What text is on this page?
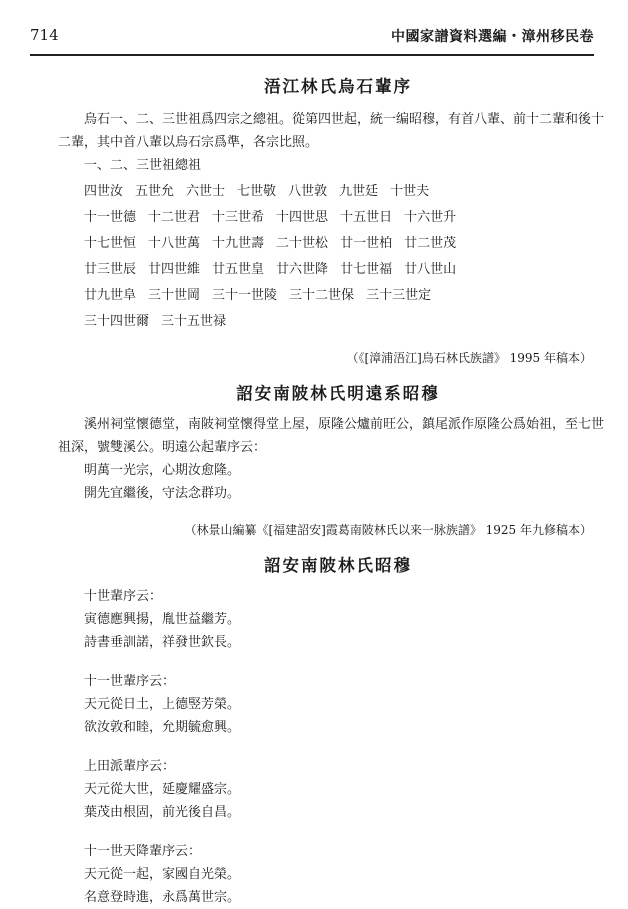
714	中國家譜資料選編・漳州移民卷
浯江林氏烏石輩序

烏石一、二、三世祖爲四宗之總祖。從第四世起，統一编昭穆，有首八輩、前十二輩和後十

二輩，其中首八輩以烏石宗爲準，各宗比照。

一、二、三世祖總祖

四世汝 五世允 六世士 七世敬 八世敦 九世廷 十世夫
十一世德 十二世君 十三世希 十四世思 十五世日 十六世升
十七世恒 十八世萬 十九世壽 二十世松 廿一世柏 廿二世茂
廿三世辰 廿四世維 廿五世皇 廿六世降 廿七世福 廿八世山
廿九世阜 三十世岡 三十一世陵 三十二世保 三十三世定
三十四世爾 三十五世禄

（《[漳浦浯江]烏石林氏族譜》 1995 年稿本）

詔安南陂林氏明遠系昭穆

溪州祠堂懷德堂，南陂祠堂懷得堂上屋，原隆公爐前旺公，鎮尾派作原隆公爲始祖，至七世

祖深，號雙溪公。明遠公起輩序云：

明萬一光宗，心期汝愈隆。

開先宜繼後，守法念群功。

（林景山編纂《[福建詔安]霞葛南陂林氏以来一脉族譜》 1925 年九修稿本）

詔安南陂林氏昭穆

十世輩序云：

寅德應興揚，胤世益繼芳。

詩書垂訓諾，祥發世欽長。

十一世輩序云：

天元從日土，上德竪芳榮。

欲汝敦和睦，允期毓愈興。

上田派輩序云：

天元從大世，延慶耀盛宗。

葉茂由根固，前光後自昌。

十一世天降輩序云：

天元從一起，家國自光榮。

名意登時進，永爲萬世宗。
